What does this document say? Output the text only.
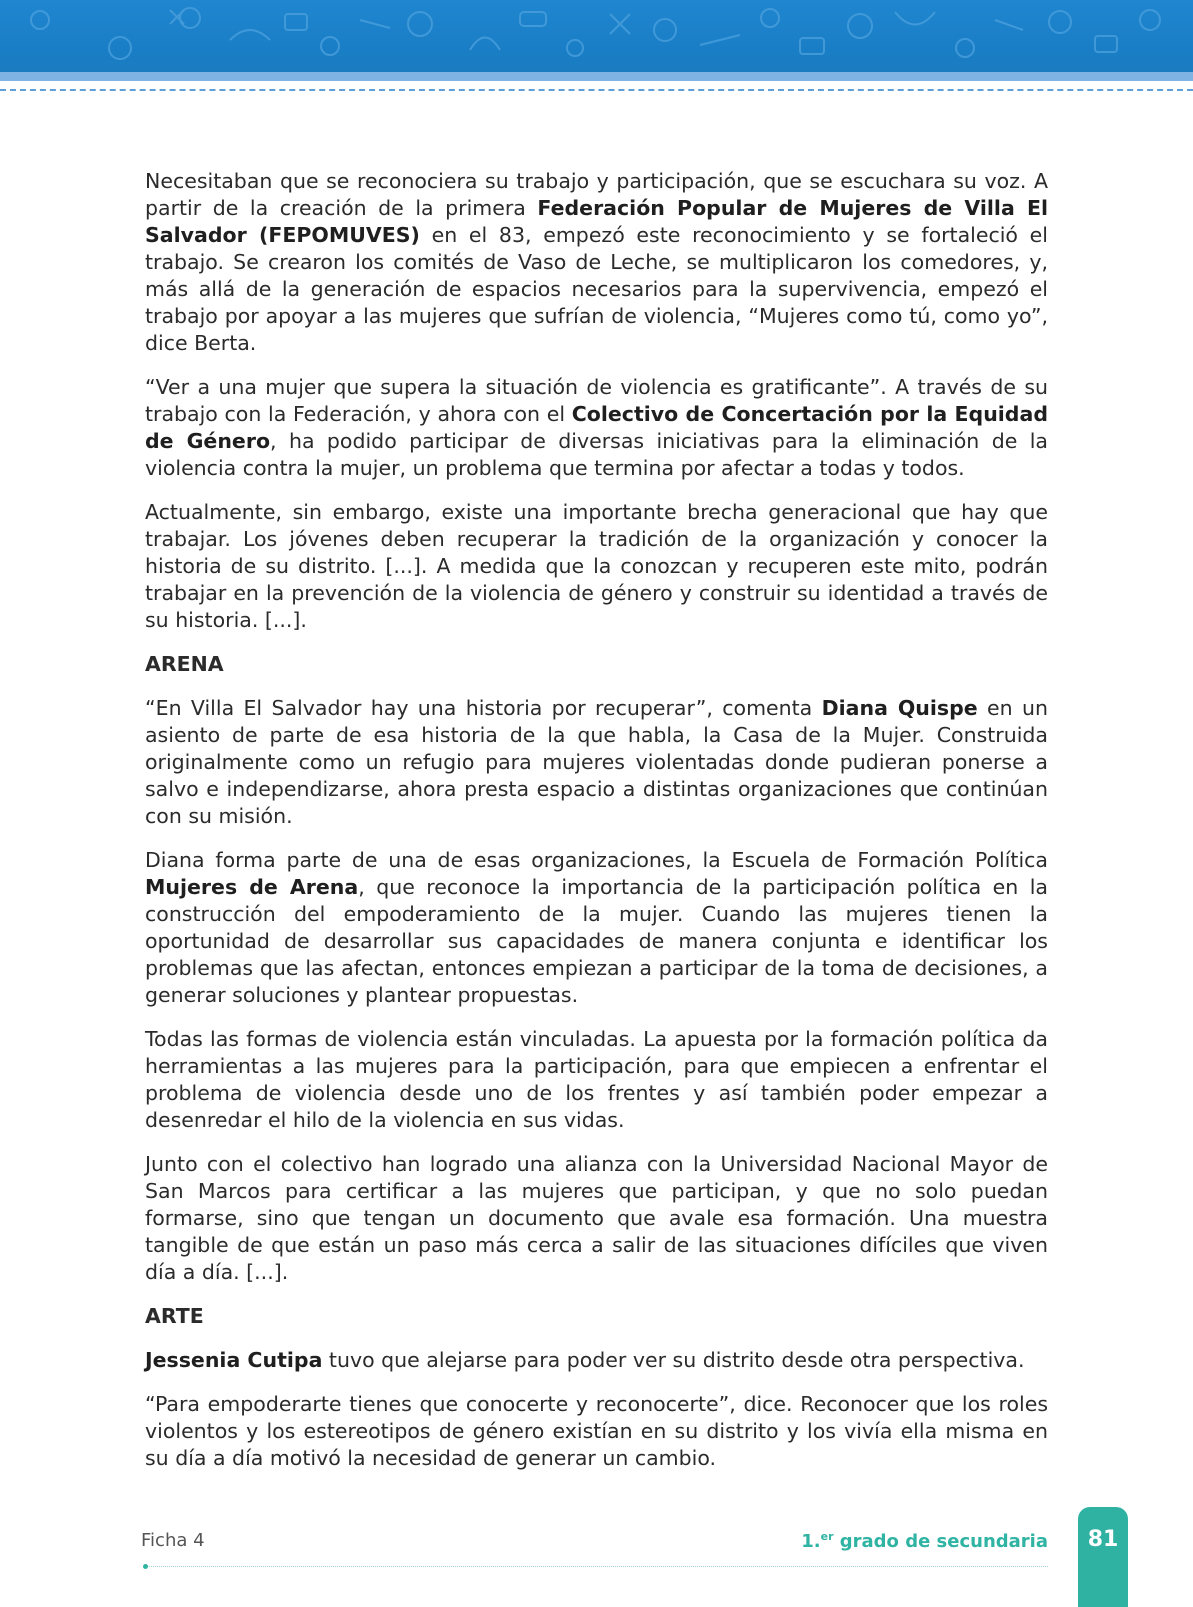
Necesitaban que se reconociera su trabajo y participación, que se escuchara su voz. A partir de la creación de la primera Federación Popular de Mujeres de Villa El Salvador (FEPOMUVES) en el 83, empezó este reconocimiento y se fortaleció el trabajo. Se crearon los comités de Vaso de Leche, se multiplicaron los comedores, y, más allá de la generación de espacios necesarios para la supervivencia, empezó el trabajo por apoyar a las mujeres que sufrían de violencia, “Mujeres como tú, como yo”, dice Berta.

“Ver a una mujer que supera la situación de violencia es gratificante”. A través de su trabajo con la Federación, y ahora con el Colectivo de Concertación por la Equidad de Género, ha podido participar de diversas iniciativas para la eliminación de la violencia contra la mujer, un problema que termina por afectar a todas y todos.

Actualmente, sin embargo, existe una importante brecha generacional que hay que trabajar. Los jóvenes deben recuperar la tradición de la organización y conocer la historia de su distrito. [...]. A medida que la conozcan y recuperen este mito, podrán trabajar en la prevención de la violencia de género y construir su identidad a través de su historia. [...].

ARENA

“En Villa El Salvador hay una historia por recuperar”, comenta Diana Quispe en un asiento de parte de esa historia de la que habla, la Casa de la Mujer. Construida originalmente como un refugio para mujeres violentadas donde pudieran ponerse a salvo e independizarse, ahora presta espacio a distintas organizaciones que continúan con su misión.

Diana forma parte de una de esas organizaciones, la Escuela de Formación Política Mujeres de Arena, que reconoce la importancia de la participación política en la construcción del empoderamiento de la mujer. Cuando las mujeres tienen la oportunidad de desarrollar sus capacidades de manera conjunta e identificar los problemas que las afectan, entonces empiezan a participar de la toma de decisiones, a generar soluciones y plantear propuestas.

Todas las formas de violencia están vinculadas. La apuesta por la formación política da herramientas a las mujeres para la participación, para que empiecen a enfrentar el problema de violencia desde uno de los frentes y así también poder empezar a desenredar el hilo de la violencia en sus vidas.

Junto con el colectivo han logrado una alianza con la Universidad Nacional Mayor de San Marcos para certificar a las mujeres que participan, y que no solo puedan formarse, sino que tengan un documento que avale esa formación. Una muestra tangible de que están un paso más cerca a salir de las situaciones difíciles que viven día a día. [...].

ARTE

Jessenia Cutipa tuvo que alejarse para poder ver su distrito desde otra perspectiva.

“Para empoderarte tienes que conocerte y reconocerte”, dice. Reconocer que los roles violentos y los estereotipos de género existían en su distrito y los vivía ella misma en su día a día motivó la necesidad de generar un cambio.

Ficha 4	1.$^{er}$ grado de secundaria	81
